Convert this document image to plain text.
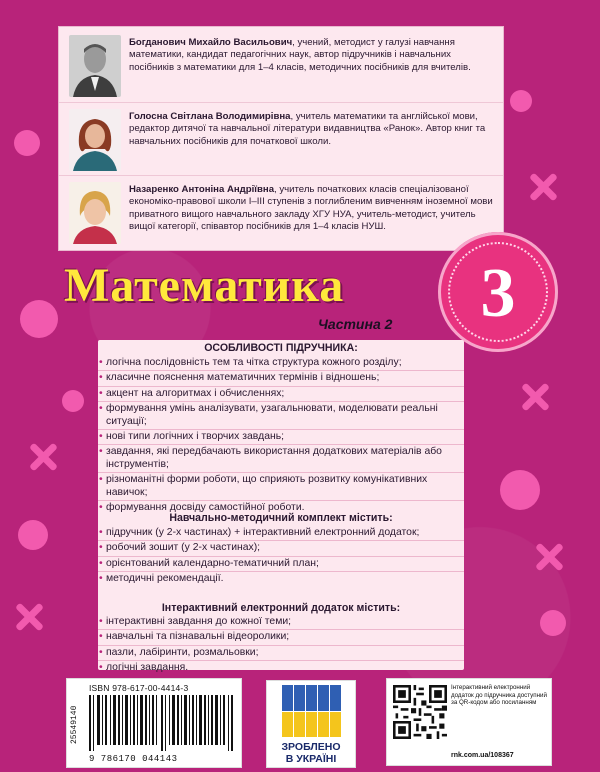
Богданович Михайло Васильович, учений, методист у галузі навчання математики, кандидат педагогічних наук, автор підручників і навчальних посібників з математики для 1–4 класів, методичних посібників для вчителів.

Голосна Світлана Володимирівна, учитель математики та англійської мови, редактор дитячої та навчальної літератури видавництва «Ранок». Автор книг та навчальних посібників для початкової школи.

Назаренко Антоніна Андріївна, учитель початкових класів спеціалізованої економіко-правової школи І–ІІІ ступенів з поглибленим вивченням іноземної мови приватного вищого навчального закладу ХГУ НУА, учитель-методист, учитель вищої категорії, співавтор посібників для 1–4 класів НУШ.

Математика
Частина 2	3
ОСОБЛИВОСТІ ПІДРУЧНИКА:
• логічна послідовність тем та чітка структура кожного розділу;
• класичне пояснення математичних термінів і відношень;
• акцент на алгоритмах і обчисленнях;
• формування умінь аналізувати, узагальнювати, моделювати реальні ситуації;
• нові типи логічних і творчих завдань;
• завдання, які передбачають використання додаткових матеріалів або інструментів;
• різноманітні форми роботи, що сприяють розвитку комунікативних навичок;
• формування досвіду самостійної роботи.
Навчально-методичний комплект містить:
• підручник (у 2-х частинах) + інтерактивний електронний додаток;
• робочий зошит (у 2-х частинах);
• орієнтований календарно-тематичний план;
• методичні рекомендації.
Інтерактивний електронний додаток містить:
• інтерактивні завдання до кожної теми;
• навчальні та пізнавальні відеоролики;
• пазли, лабіринти, розмальовки;
• логічні завдання.
25549140
ISBN 978-617-00-4414-3
9 786170 044143
ЗРОБЛЕНО
В УКРАЇНІ
Інтерактивний електронний додаток до підручника доступний за QR-кодом або посиланням
rnk.com.ua/108367
